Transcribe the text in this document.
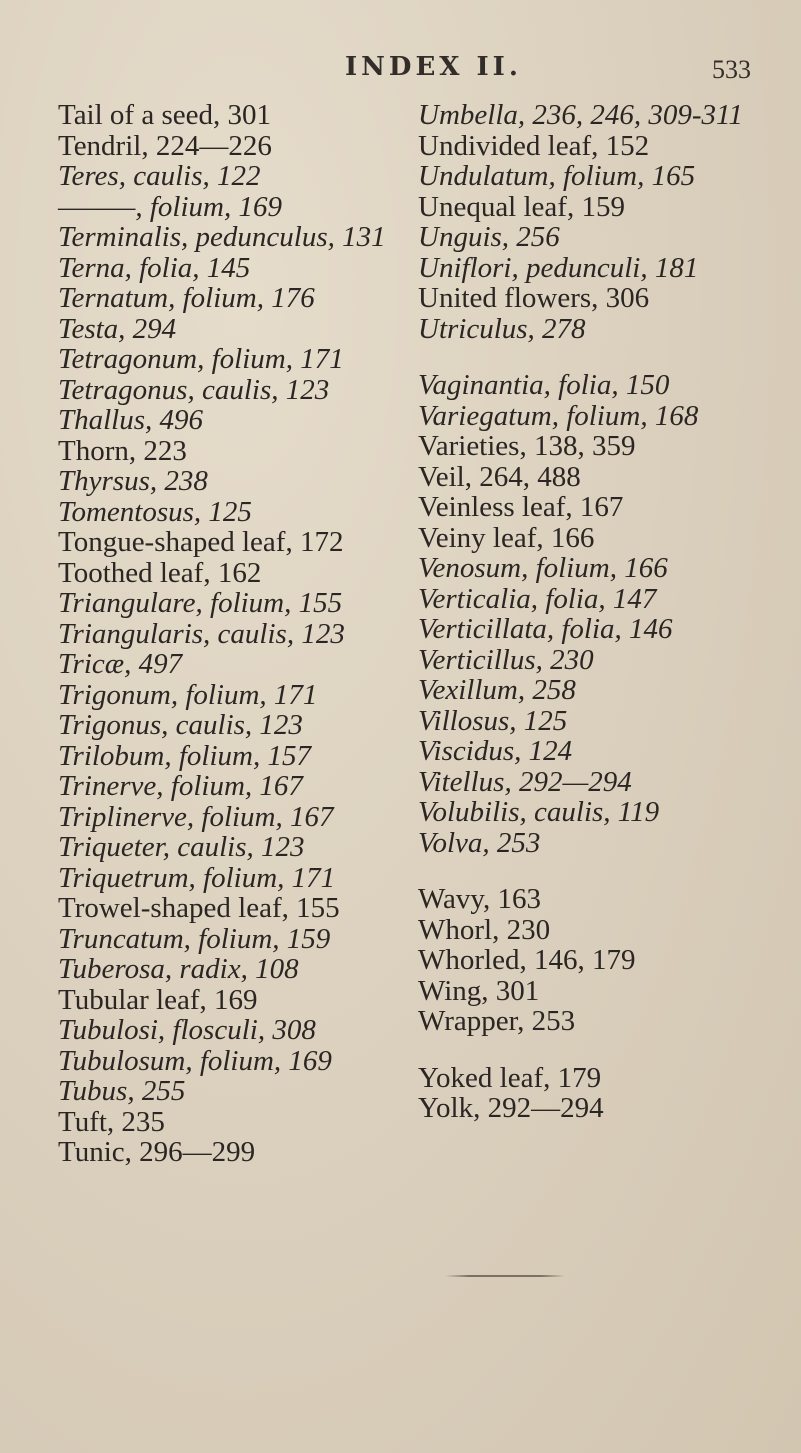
INDEX II.	533
Tail of a seed, 301
Tendril, 224—226
Teres, caulis, 122
———, folium, 169
Terminalis, pedunculus, 131
Terna, folia, 145
Ternatum, folium, 176
Testa, 294
Tetragonum, folium, 171
Tetragonus, caulis, 123
Thallus, 496
Thorn, 223
Thyrsus, 238
Tomentosus, 125
Tongue-shaped leaf, 172
Toothed leaf, 162
Triangulare, folium, 155
Triangularis, caulis, 123
Tricæ, 497
Trigonum, folium, 171
Trigonus, caulis, 123
Trilobum, folium, 157
Trinerve, folium, 167
Triplinerve, folium, 167
Triqueter, caulis, 123
Triquetrum, folium, 171
Trowel-shaped leaf, 155
Truncatum, folium, 159
Tuberosa, radix, 108
Tubular leaf, 169
Tubulosi, flosculi, 308
Tubulosum, folium, 169
Tubus, 255
Tuft, 235
Tunic, 296—299
Umbella, 236, 246, 309-311
Undivided leaf, 152
Undulatum, folium, 165
Unequal leaf, 159
Unguis, 256
Uniflori, pedunculi, 181
United flowers, 306
Utriculus, 278
Vaginantia, folia, 150
Variegatum, folium, 168
Varieties, 138, 359
Veil, 264, 488
Veinless leaf, 167
Veiny leaf, 166
Venosum, folium, 166
Verticalia, folia, 147
Verticillata, folia, 146
Verticillus, 230
Vexillum, 258
Villosus, 125
Viscidus, 124
Vitellus, 292—294
Volubilis, caulis, 119
Volva, 253
Wavy, 163
Whorl, 230
Whorled, 146, 179
Wing, 301
Wrapper, 253
Yoked leaf, 179
Yolk, 292—294
